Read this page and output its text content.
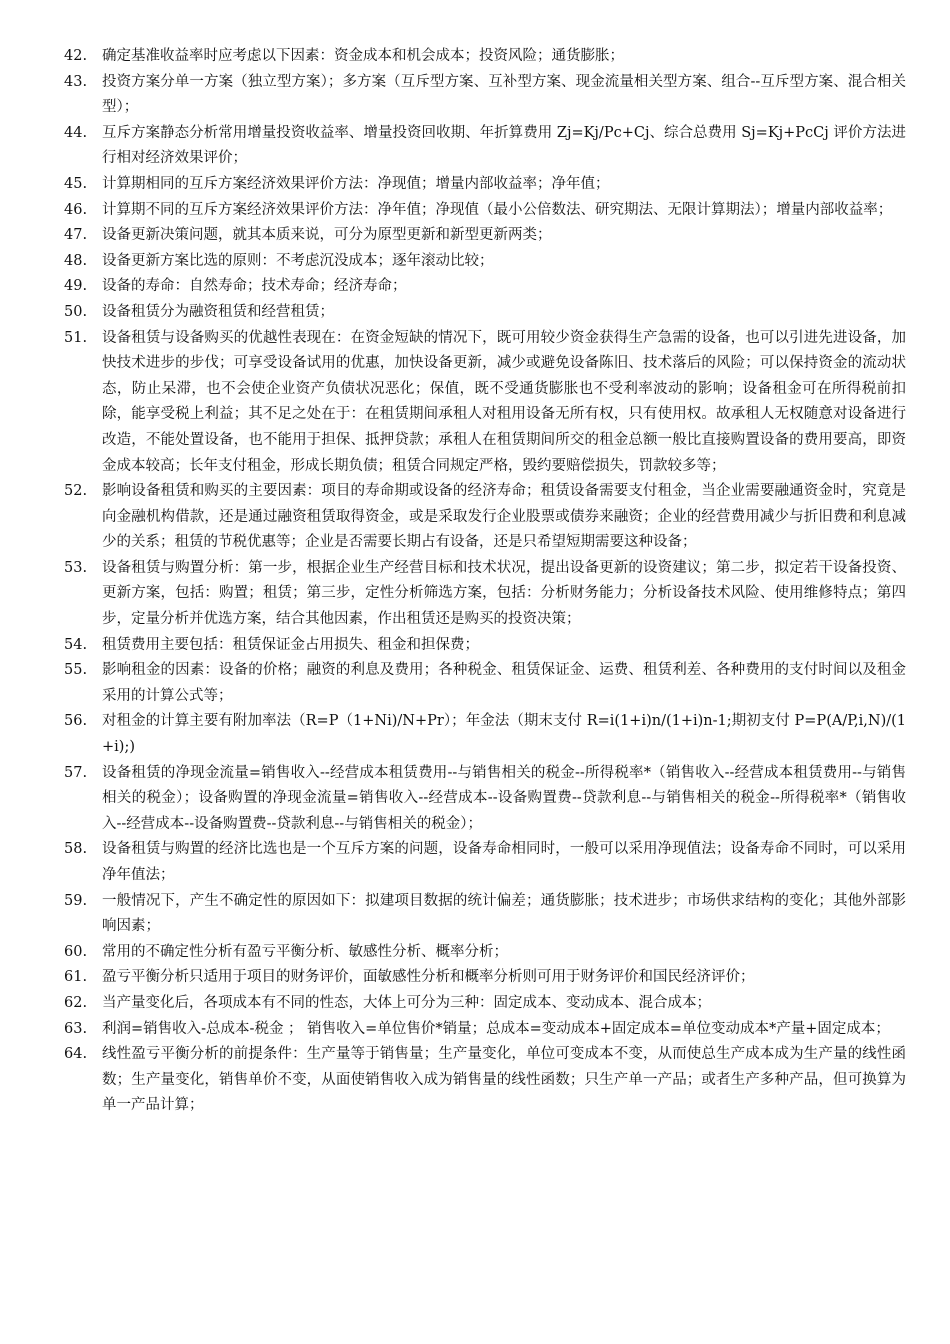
42.	确定基准收益率时应考虑以下因素：资金成本和机会成本；投资风险；通货膨胀；
43.	投资方案分单一方案（独立型方案）；多方案（互斥型方案、互补型方案、现金流量相关型方案、组合--互斥型方案、混合相关型）；
44.	互斥方案静态分析常用增量投资收益率、增量投资回收期、年折算费用 Zj=Kj/Pc+Cj、综合总费用 Sj=Kj+PcCj 评价方法进行相对经济效果评价；
45.	计算期相同的互斥方案经济效果评价方法：净现值；增量内部收益率；净年值；
46.	计算期不同的互斥方案经济效果评价方法：净年值；净现值（最小公倍数法、研究期法、无限计算期法）；增量内部收益率；
47.	设备更新决策问题，就其本质来说，可分为原型更新和新型更新两类；
48.	设备更新方案比选的原则：不考虑沉没成本；逐年滚动比较；
49.	设备的寿命：自然寿命；技术寿命；经济寿命；
50.	设备租赁分为融资租赁和经营租赁；
51.	设备租赁与设备购买的优越性表现在：在资金短缺的情况下，既可用较少资金获得生产急需的设备，也可以引进先进设备，加快技术进步的步伐；可享受设备试用的优惠，加快设备更新，减少或避免设备陈旧、技术落后的风险；可以保持资金的流动状态，防止呆滞，也不会使企业资产负债状况恶化；保值，既不受通货膨胀也不受利率波动的影响；设备租金可在所得税前扣除，能享受税上利益；其不足之处在于：在租赁期间承租人对租用设备无所有权，只有使用权。故承租人无权随意对设备进行改造，不能处置设备，也不能用于担保、抵押贷款；承租人在租赁期间所交的租金总额一般比直接购置设备的费用要高，即资金成本较高；长年支付租金，形成长期负债；租赁合同规定严格，毁约要赔偿损失，罚款较多等；
52.	影响设备租赁和购买的主要因素：项目的寿命期或设备的经济寿命；租赁设备需要支付租金，当企业需要融通资金时，究竟是向金融机构借款，还是通过融资租赁取得资金，或是采取发行企业股票或债券来融资；企业的经营费用减少与折旧费和利息减少的关系；租赁的节税优惠等；企业是否需要长期占有设备，还是只希望短期需要这种设备；
53.	设备租赁与购置分析：第一步，根据企业生产经营目标和技术状况，提出设备更新的设资建议；第二步，拟定若干设备投资、更新方案，包括：购置；租赁；第三步，定性分析筛选方案，包括：分析财务能力；分析设备技术风险、使用维修特点；第四步，定量分析并优选方案，结合其他因素，作出租赁还是购买的投资决策；
54.	租赁费用主要包括：租赁保证金占用损失、租金和担保费；
55.	影响租金的因素：设备的价格；融资的利息及费用；各种税金、租赁保证金、运费、租赁利差、各种费用的支付时间以及租金采用的计算公式等；
56.	对租金的计算主要有附加率法（R=P（1+Ni)/N+Pr）；年金法（期末支付 R=i(1+i)n/(1+i)n-1;期初支付 P=P(A/P,i,N)/(1+i);)
57.	设备租赁的净现金流量=销售收入--经营成本租赁费用--与销售相关的税金--所得税率*（销售收入--经营成本租赁费用--与销售相关的税金）；设备购置的净现金流量=销售收入--经营成本--设备购置费--贷款利息--与销售相关的税金--所得税率*（销售收入--经营成本--设备购置费--贷款利息--与销售相关的税金）；
58.	设备租赁与购置的经济比选也是一个互斥方案的问题，设备寿命相同时，一般可以采用净现值法；设备寿命不同时，可以采用净年值法；
59.	一般情况下，产生不确定性的原因如下：拟建项目数据的统计偏差；通货膨胀；技术进步；市场供求结构的变化；其他外部影响因素；
60.	常用的不确定性分析有盈亏平衡分析、敏感性分析、概率分析；
61.	盈亏平衡分析只适用于项目的财务评价，面敏感性分析和概率分析则可用于财务评价和国民经济评价；
62.	当产量变化后，各项成本有不同的性态，大体上可分为三种：固定成本、变动成本、混合成本；
63.	利润=销售收入-总成本-税金 ； 销售收入=单位售价*销量；总成本=变动成本+固定成本=单位变动成本*产量+固定成本；
64.	线性盈亏平衡分析的前提条件：生产量等于销售量；生产量变化，单位可变成本不变，从而使总生产成本成为生产量的线性函数；生产量变化，销售单价不变，从面使销售收入成为销售量的线性函数；只生产单一产品；或者生产多种产品，但可换算为单一产品计算；
